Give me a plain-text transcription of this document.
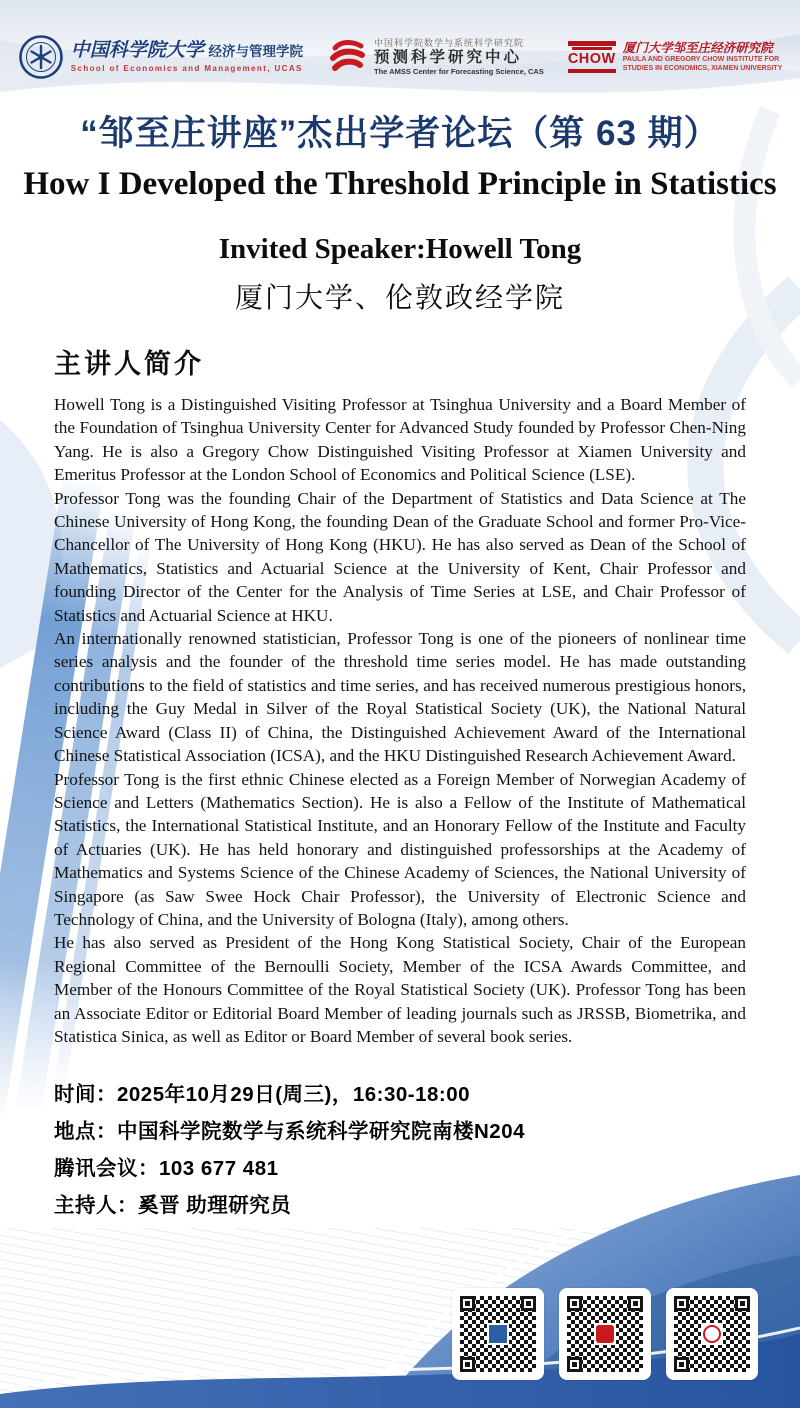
中国科学院大学 经济与管理学院
School of Economics and Management, UCAS
中国科学院数学与系统科学研究院
预测科学研究中心
The AMSS Center for Forecasting Science, CAS
CHOW
厦门大学邹至庄经济研究院
PAULA AND GREGORY CHOW INSTITUTE FOR
STUDIES IN ECONOMICS, XIAMEN UNIVERSITY
“邹至庄讲座”杰出学者论坛（第 63 期）
How I Developed the Threshold Principle in Statistics
Invited Speaker:Howell Tong
厦门大学、伦敦政经学院
主讲人简介

Howell Tong is a Distinguished Visiting Professor at Tsinghua University and a Board Member of the Foundation of Tsinghua University Center for Advanced Study founded by Professor Chen-Ning Yang. He is also a Gregory Chow Distinguished Visiting Professor at Xiamen University and Emeritus Professor at the London School of Economics and Political Science (LSE).

Professor Tong was the founding Chair of the Department of Statistics and Data Science at The Chinese University of Hong Kong, the founding Dean of the Graduate School and former Pro-Vice-Chancellor of The University of Hong Kong (HKU). He has also served as Dean of the School of Mathematics, Statistics and Actuarial Science at the University of Kent, Chair Professor and founding Director of the Center for the Analysis of Time Series at LSE, and Chair Professor of Statistics and Actuarial Science at HKU.

An internationally renowned statistician, Professor Tong is one of the pioneers of nonlinear time series analysis and the founder of the threshold time series model. He has made outstanding contributions to the field of statistics and time series, and has received numerous prestigious honors, including the Guy Medal in Silver of the Royal Statistical Society (UK), the National Natural Science Award (Class II) of China, the Distinguished Achievement Award of the International Chinese Statistical Association (ICSA), and the HKU Distinguished Research Achievement Award.

Professor Tong is the first ethnic Chinese elected as a Foreign Member of Norwegian Academy of Science and Letters (Mathematics Section). He is also a Fellow of the Institute of Mathematical Statistics, the International Statistical Institute, and an Honorary Fellow of the Institute and Faculty of Actuaries (UK). He has held honorary and distinguished professorships at the Academy of Mathematics and Systems Science of the Chinese Academy of Sciences, the National University of Singapore (as Saw Swee Hock Chair Professor), the University of Electronic Science and Technology of China, and the University of Bologna (Italy), among others.

He has also served as President of the Hong Kong Statistical Society, Chair of the European Regional Committee of the Bernoulli Society, Member of the ICSA Awards Committee, and Member of the Honours Committee of the Royal Statistical Society (UK). Professor Tong has been an Associate Editor or Editorial Board Member of leading journals such as JRSSB, Biometrika, and Statistica Sinica, as well as Editor or Board Member of several book series.

时间：2025年10月29日(周三)，16:30-18:00
地点：中国科学院数学与系统科学研究院南楼N204
腾讯会议：103 677 481
主持人：奚晋 助理研究员
